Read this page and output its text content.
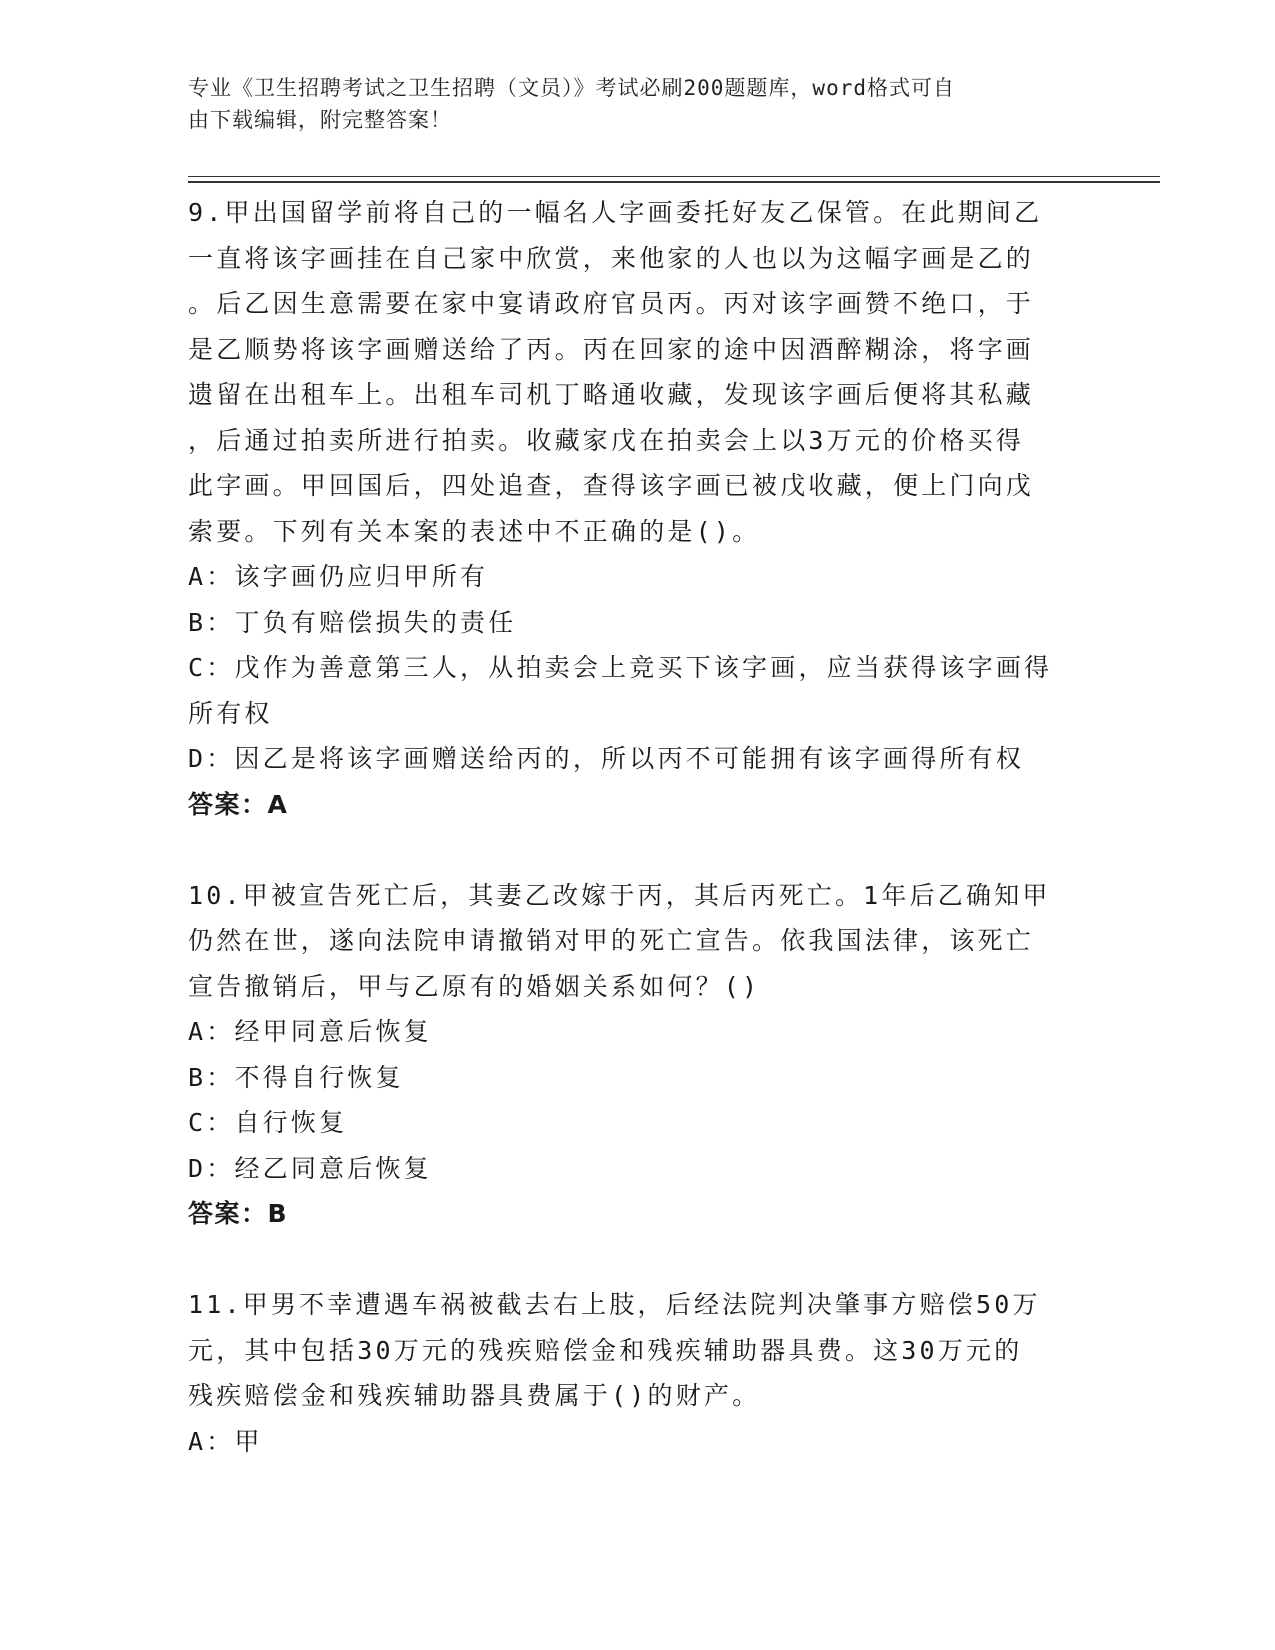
专业《卫生招聘考试之卫生招聘（文员）》考试必刷200题题库，word格式可自
由下载编辑，附完整答案！
9.甲出国留学前将自己的一幅名人字画委托好友乙保管。在此期间乙
一直将该字画挂在自己家中欣赏，来他家的人也以为这幅字画是乙的
。后乙因生意需要在家中宴请政府官员丙。丙对该字画赞不绝口，于
是乙顺势将该字画赠送给了丙。丙在回家的途中因酒醉糊涂，将字画
遗留在出租车上。出租车司机丁略通收藏，发现该字画后便将其私藏
，后通过拍卖所进行拍卖。收藏家戊在拍卖会上以3万元的价格买得
此字画。甲回国后，四处追查，查得该字画已被戊收藏，便上门向戊
索要。下列有关本案的表述中不正确的是()。
A：该字画仍应归甲所有
B：丁负有赔偿损失的责任
C：戊作为善意第三人，从拍卖会上竞买下该字画，应当获得该字画得
所有权
D：因乙是将该字画赠送给丙的，所以丙不可能拥有该字画得所有权
答案：A
10.甲被宣告死亡后，其妻乙改嫁于丙，其后丙死亡。1年后乙确知甲
仍然在世，遂向法院申请撤销对甲的死亡宣告。依我国法律，该死亡
宣告撤销后，甲与乙原有的婚姻关系如何？()
A：经甲同意后恢复
B：不得自行恢复
C：自行恢复
D：经乙同意后恢复
答案：B
11.甲男不幸遭遇车祸被截去右上肢，后经法院判决肇事方赔偿50万
元，其中包括30万元的残疾赔偿金和残疾辅助器具费。这30万元的
残疾赔偿金和残疾辅助器具费属于()的财产。
A：甲
